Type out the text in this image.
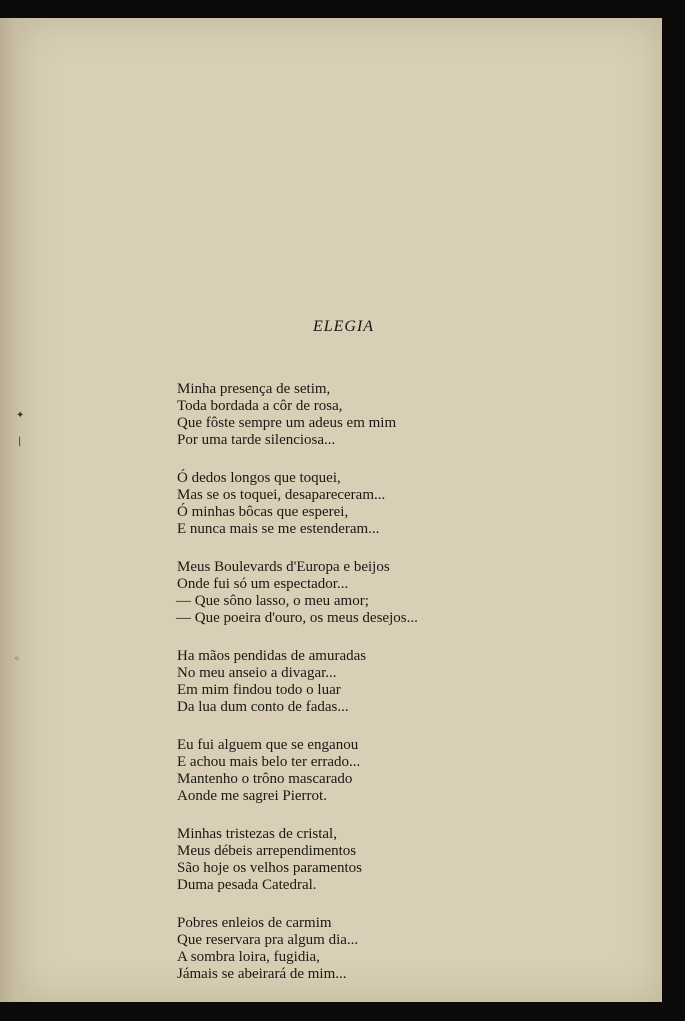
✦
|
◦
ELEGIA
Minha presença de setim,
Toda bordada a côr de rosa,
Que fôste sempre um adeus em mim
Por uma tarde silenciosa...
Ó dedos longos que toquei,
Mas se os toquei, desapareceram...
Ó minhas bôcas que esperei,
E nunca mais se me estenderam...
Meus Boulevards d'Europa e beijos
Onde fui só um espectador...
— Que sôno lasso, o meu amor;
— Que poeira d'ouro, os meus desejos...
Ha mãos pendidas de amuradas
No meu anseio a divagar...
Em mim findou todo o luar
Da lua dum conto de fadas...
Eu fui alguem que se enganou
E achou mais belo ter errado...
Mantenho o trôno mascarado
Aonde me sagrei Pierrot.
Minhas tristezas de cristal,
Meus débeis arrependimentos
São hoje os velhos paramentos
Duma pesada Catedral.
Pobres enleios de carmim
Que reservara pra algum dia...
A sombra loira, fugidia,
Jámais se abeirará de mim...
